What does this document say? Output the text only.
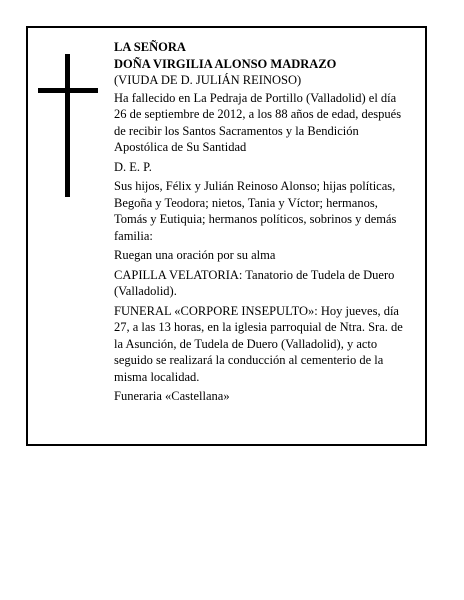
LA SEÑORA

DOÑA VIRGILIA ALONSO MADRAZO

(VIUDA DE D. JULIÁN REINOSO)

Ha fallecido en La Pedraja de Portillo (Valladolid) el día 26 de septiembre de 2012, a los 88 años de edad, después de recibir los Santos Sacramentos y la Bendición Apostólica de Su Santidad

D. E. P.

Sus hijos, Félix y Julián Reinoso Alonso; hijas políticas, Begoña y Teodora; nietos, Tania y Víctor; hermanos, Tomás y Eutiquia; hermanos políticos, sobrinos y demás familia:

Ruegan una oración por su alma

CAPILLA VELATORIA: Tanatorio de Tudela de Duero (Valladolid).

FUNERAL «CORPORE INSEPULTO»: Hoy jueves, día 27, a las 13 horas, en la iglesia parroquial de Ntra. Sra. de la Asunción, de Tudela de Duero (Valladolid), y acto seguido se realizará la conducción al cementerio de la misma localidad.

Funeraria «Castellana»
